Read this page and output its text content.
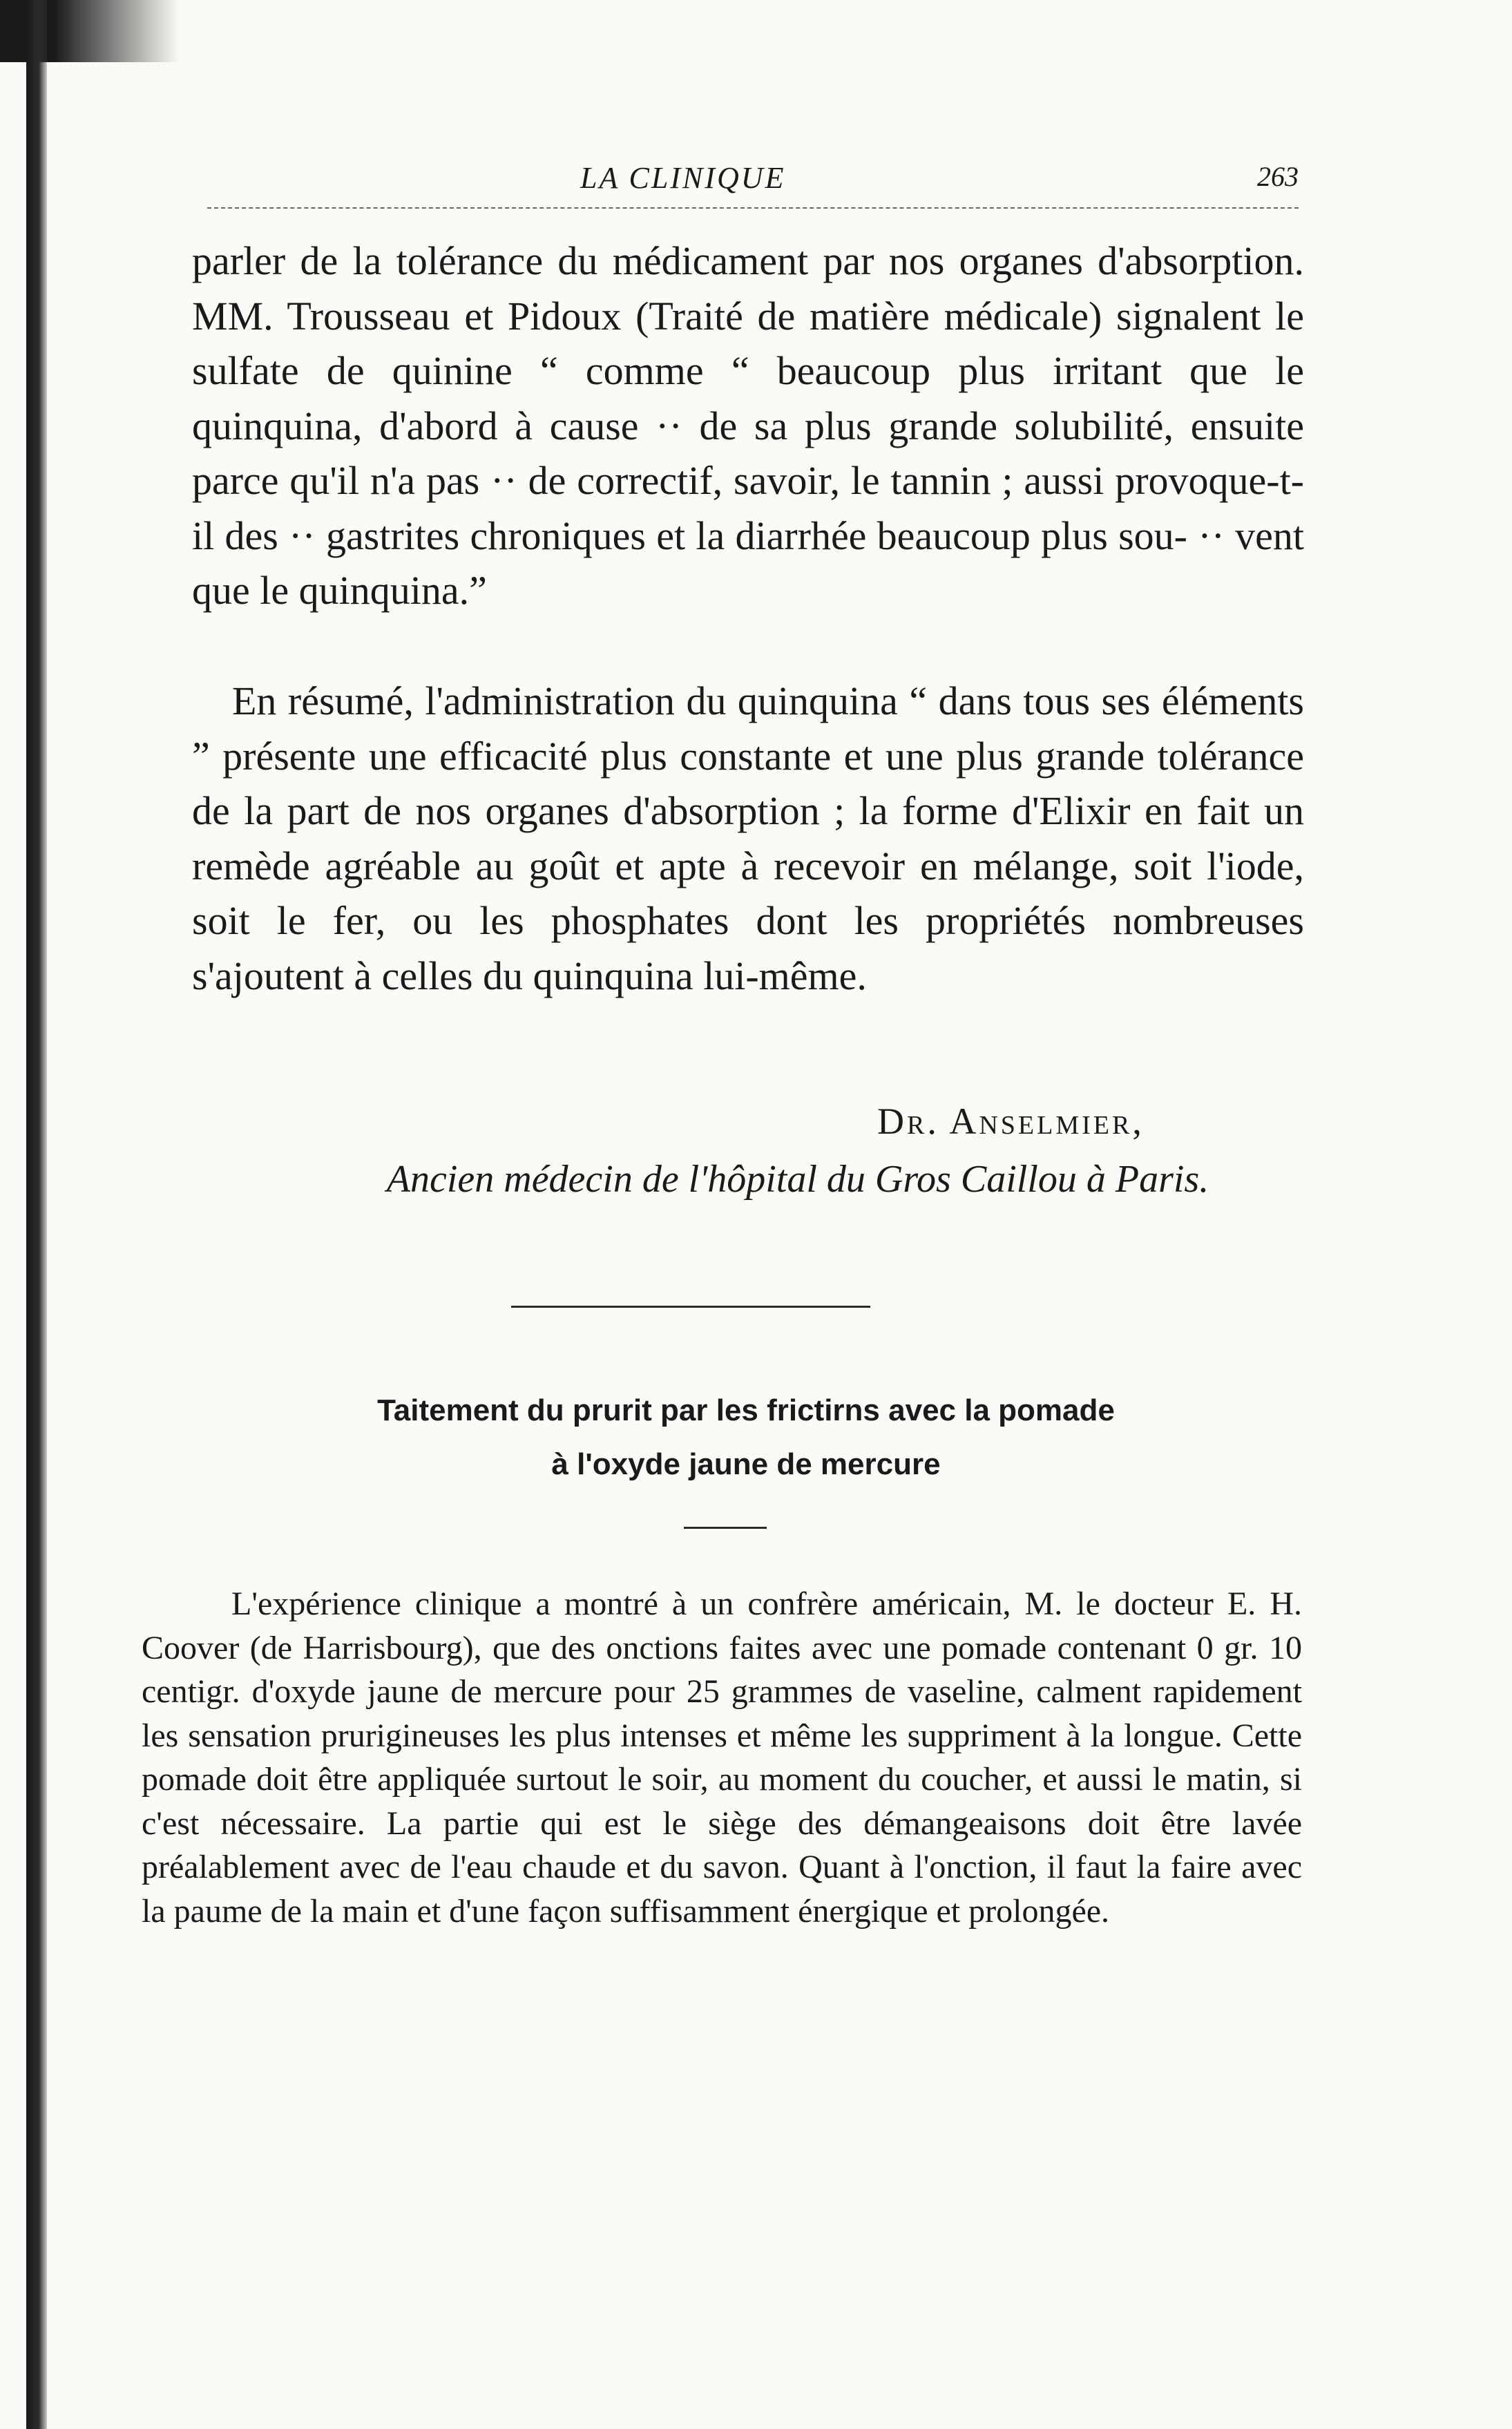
LA CLINIQUE	263

parler de la tolérance du médicament par nos organes d'absorption. MM. Trousseau et Pidoux (Traité de matière médicale) signalent le sulfate de quinine “ comme “ beaucoup plus irritant que le quinquina, d'abord à cause ·· de sa plus grande solubilité, ensuite parce qu'il n'a pas ·· de correctif, savoir, le tannin ; aussi provoque-t-il des ·· gastrites chroniques et la diarrhée beaucoup plus sou- ·· vent que le quinquina.”

En résumé, l'administration du quinquina “ dans tous ses éléments ” présente une efficacité plus constante et une plus grande tolérance de la part de nos organes d'absorption ; la forme d'Elixir en fait un remède agréable au goût et apte à recevoir en mélange, soit l'iode, soit le fer, ou les phosphates dont les propriétés nombreuses s'ajoutent à celles du quinquina lui-même.

Dr. Anselmier,
Ancien médecin de l'hôpital du Gros Caillou à Paris.
Taitement du prurit par les frictirns avec la pomade
à l'oxyde jaune de mercure

L'expérience clinique a montré à un confrère américain, M. le docteur E. H. Coover (de Harrisbourg), que des onctions faites avec une pomade contenant 0 gr. 10 centigr. d'oxyde jaune de mercure pour 25 grammes de vaseline, calment rapidement les sensation prurigineuses les plus intenses et même les suppriment à la longue. Cette pomade doit être appliquée surtout le soir, au moment du coucher, et aussi le matin, si c'est nécessaire. La partie qui est le siège des démangeaisons doit être lavée préalablement avec de l'eau chaude et du savon. Quant à l'onction, il faut la faire avec la paume de la main et d'une façon suffisamment énergique et prolongée.
